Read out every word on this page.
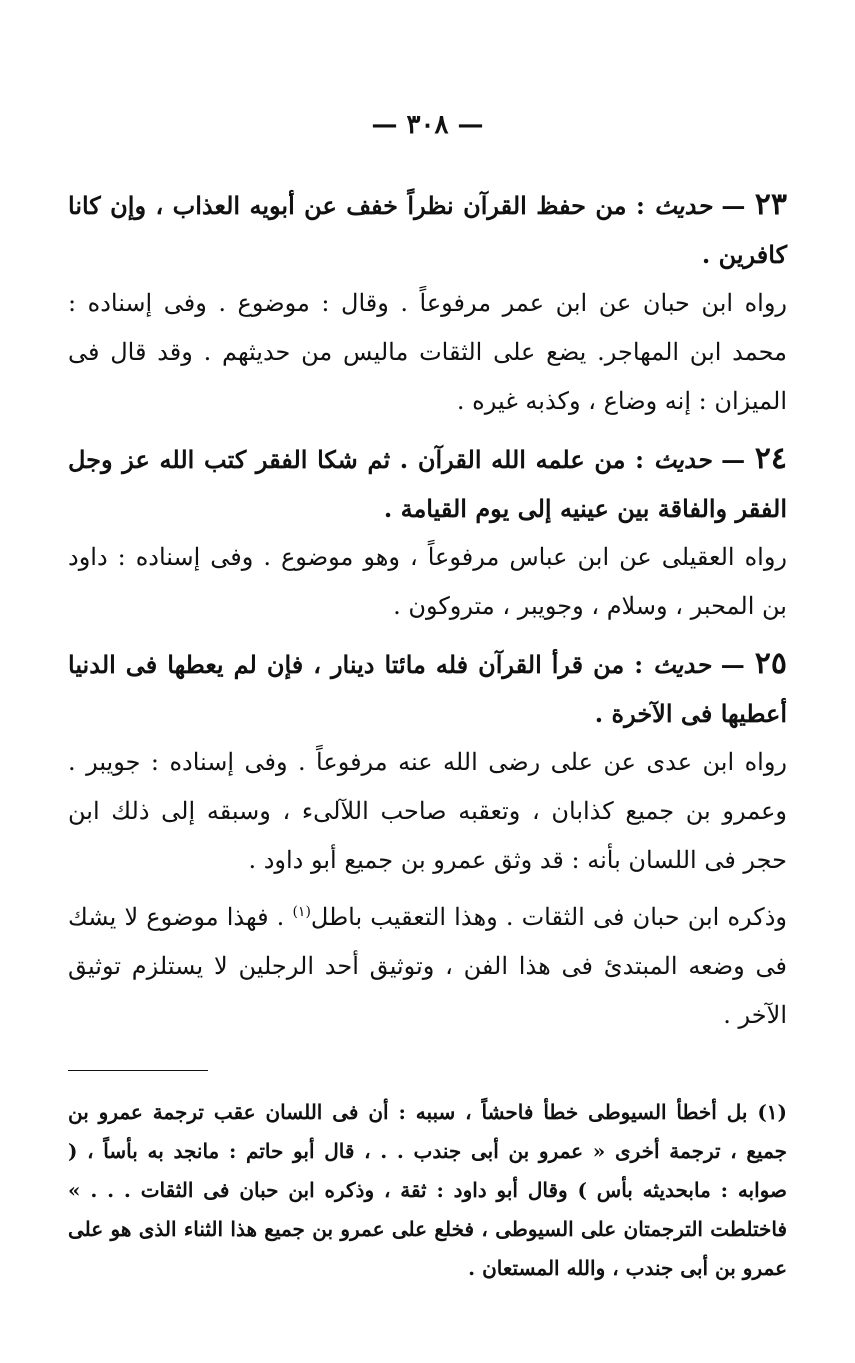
— ٣٠٨ —

٢٣ — حديث : من حفظ القرآن نظراً خفف عن أبويه العذاب ، وإن كانا كافرين .

رواه ابن حبان عن ابن عمر مرفوعاً . وقال : موضوع . وفى إسناده : محمد ابن المهاجر. يضع على الثقات ماليس من حديثهم . وقد قال فى الميزان : إنه وضاع ، وكذبه غيره .

٢٤ — حديث : من علمه الله القرآن . ثم شكا الفقر كتب الله عز وجل الفقر والفاقة بين عينيه إلى يوم القيامة .

رواه العقيلى عن ابن عباس مرفوعاً ، وهو موضوع . وفى إسناده : داود بن المحبر ، وسلام ، وجويبر ، متروكون .

٢٥ — حديث : من قرأ القرآن فله مائتا دينار ، فإن لم يعطها فى الدنيا أعطيها فى الآخرة .

رواه ابن عدى عن على رضى الله عنه مرفوعاً . وفى إسناده : جويبر . وعمرو بن جميع كذابان ، وتعقبه صاحب اللآلىء ، وسبقه إلى ذلك ابن حجر فى اللسان بأنه : قد وثق عمرو بن جميع أبو داود .

وذكره ابن حبان فى الثقات . وهذا التعقيب باطل$^{(١)}$ . فهذا موضوع لا يشك فى وضعه المبتدئ فى هذا الفن ، وتوثيق أحد الرجلين لا يستلزم توثيق الآخر .

(١) بل أخطأ السيوطى خطأ فاحشاً ، سببه : أن فى اللسان عقب ترجمة عمرو بن جميع ، ترجمة أخرى « عمرو بن أبى جندب . . ، قال أبو حاتم : مانجد به بأساً ، ( صوابه : مابحديثه بأس ) وقال أبو داود : ثقة ، وذكره ابن حبان فى الثقات . . . » فاختلطت الترجمتان على السيوطى ، فخلع على عمرو بن جميع هذا الثناء الذى هو على عمرو بن أبى جندب ، والله المستعان .
